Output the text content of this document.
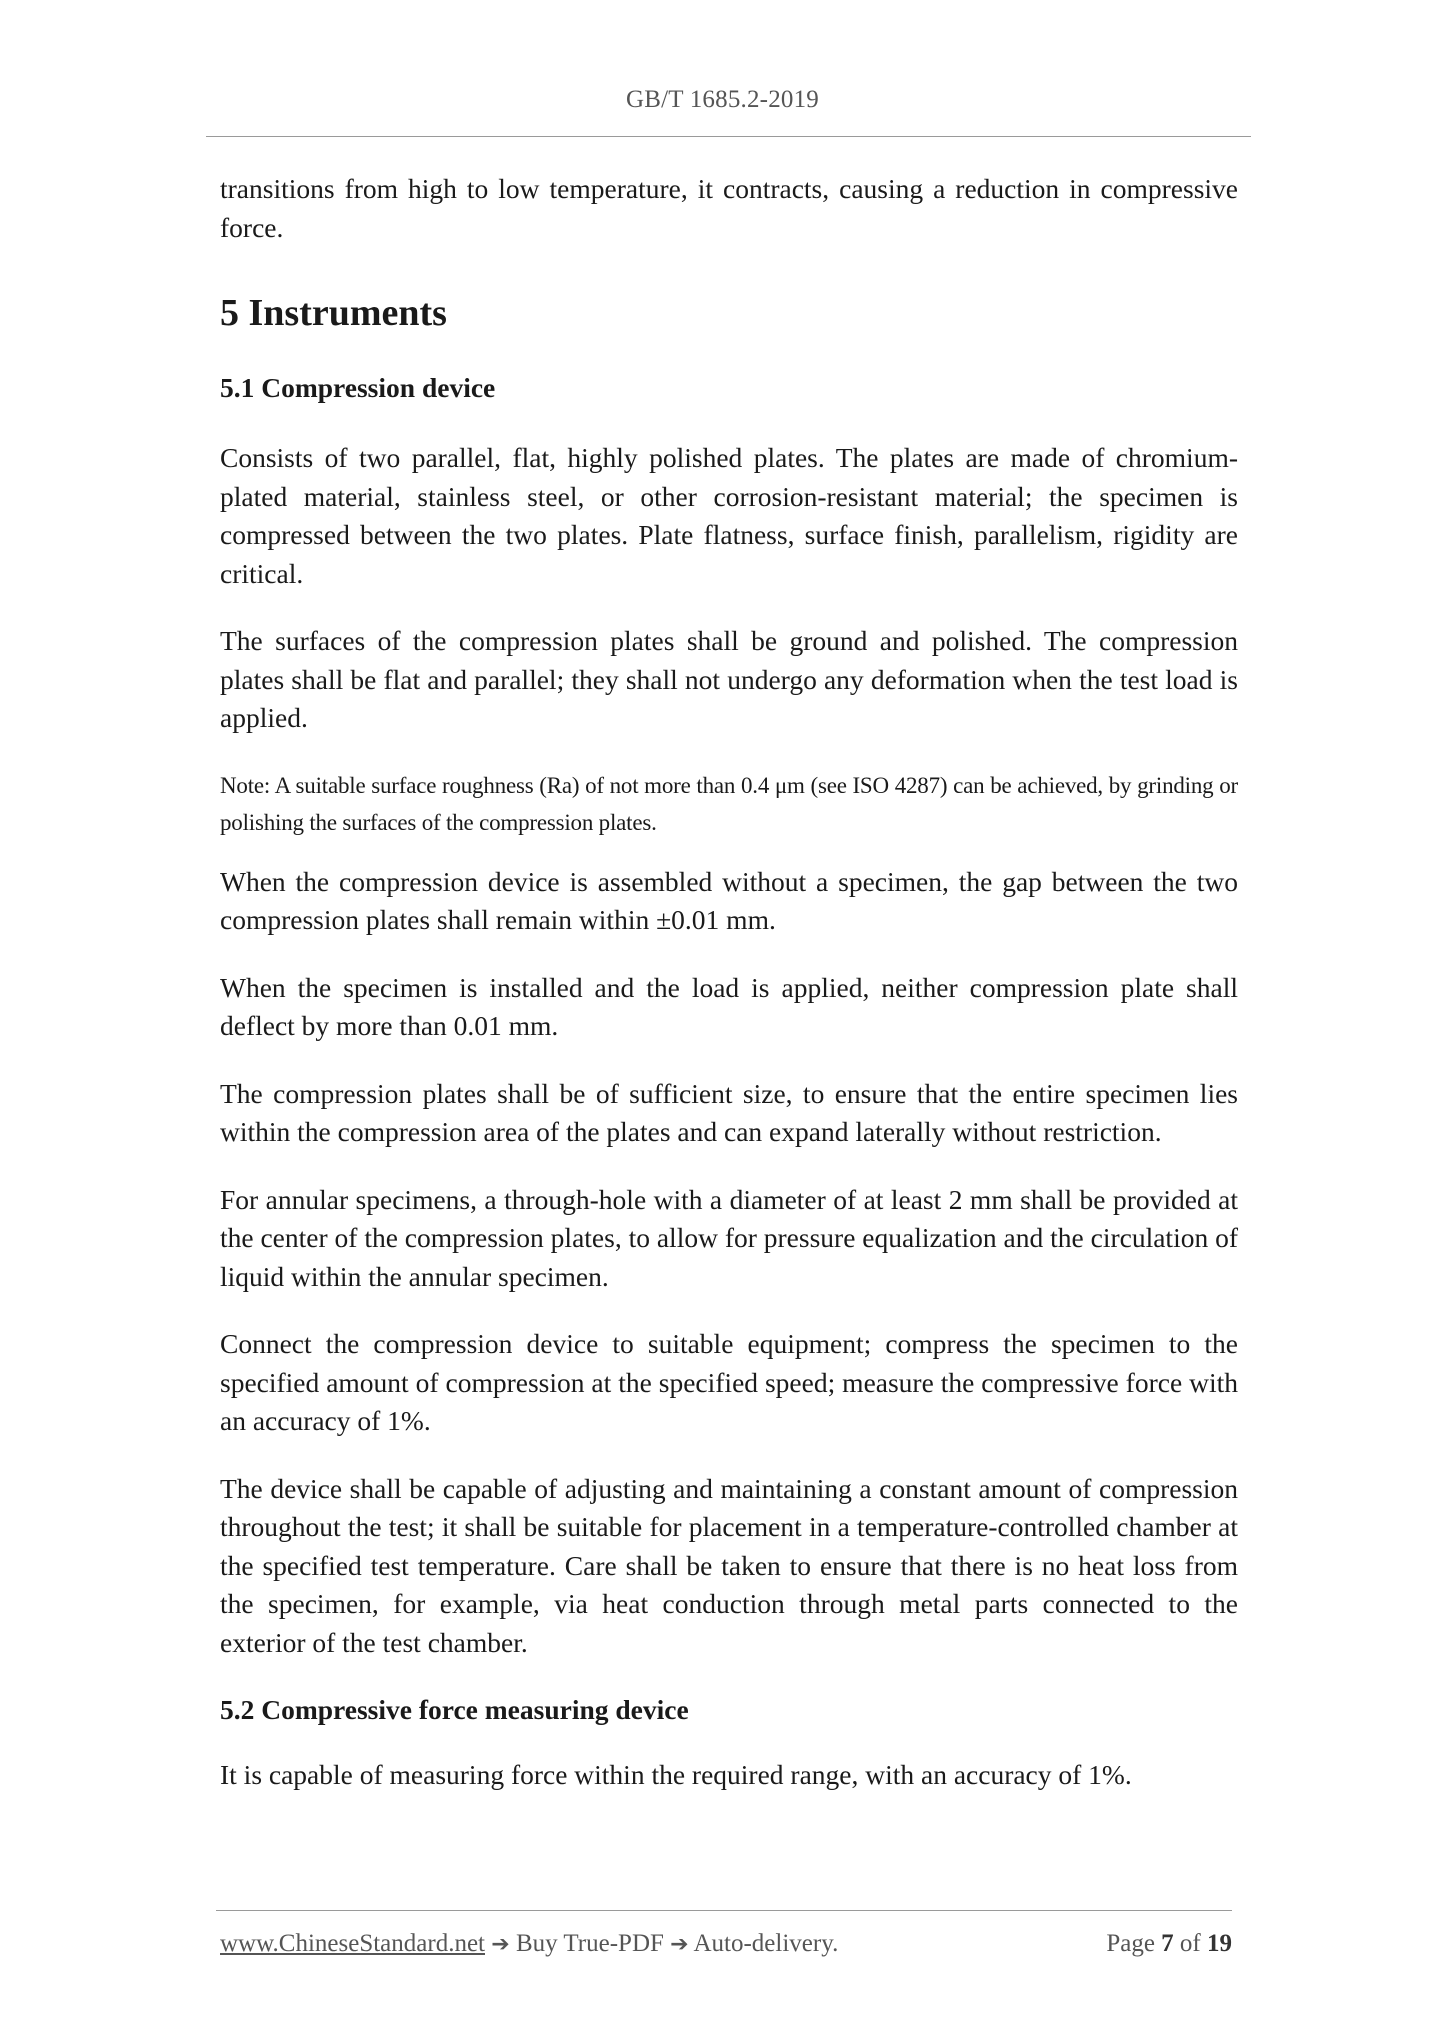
GB/T 1685.2-2019

transitions from high to low temperature, it contracts, causing a reduction in compressive force.

5 Instruments
5.1 Compression device

Consists of two parallel, flat, highly polished plates. The plates are made of chromium-plated material, stainless steel, or other corrosion-resistant material; the specimen is compressed between the two plates. Plate flatness, surface finish, parallelism, rigidity are critical.

The surfaces of the compression plates shall be ground and polished. The compression plates shall be flat and parallel; they shall not undergo any deformation when the test load is applied.

Note: A suitable surface roughness (Ra) of not more than 0.4 μm (see ISO 4287) can be achieved, by grinding or polishing the surfaces of the compression plates.

When the compression device is assembled without a specimen, the gap between the two compression plates shall remain within ±0.01 mm.

When the specimen is installed and the load is applied, neither compression plate shall deflect by more than 0.01 mm.

The compression plates shall be of sufficient size, to ensure that the entire specimen lies within the compression area of the plates and can expand laterally without restriction.

For annular specimens, a through-hole with a diameter of at least 2 mm shall be provided at the center of the compression plates, to allow for pressure equalization and the circulation of liquid within the annular specimen.

Connect the compression device to suitable equipment; compress the specimen to the specified amount of compression at the specified speed; measure the compressive force with an accuracy of 1%.

The device shall be capable of adjusting and maintaining a constant amount of compression throughout the test; it shall be suitable for placement in a temperature-controlled chamber at the specified test temperature. Care shall be taken to ensure that there is no heat loss from the specimen, for example, via heat conduction through metal parts connected to the exterior of the test chamber.

5.2 Compressive force measuring device

It is capable of measuring force within the required range, with an accuracy of 1%.

www.ChineseStandard.net ➔ Buy True-PDF ➔ Auto-delivery.	Page 7 of 19
